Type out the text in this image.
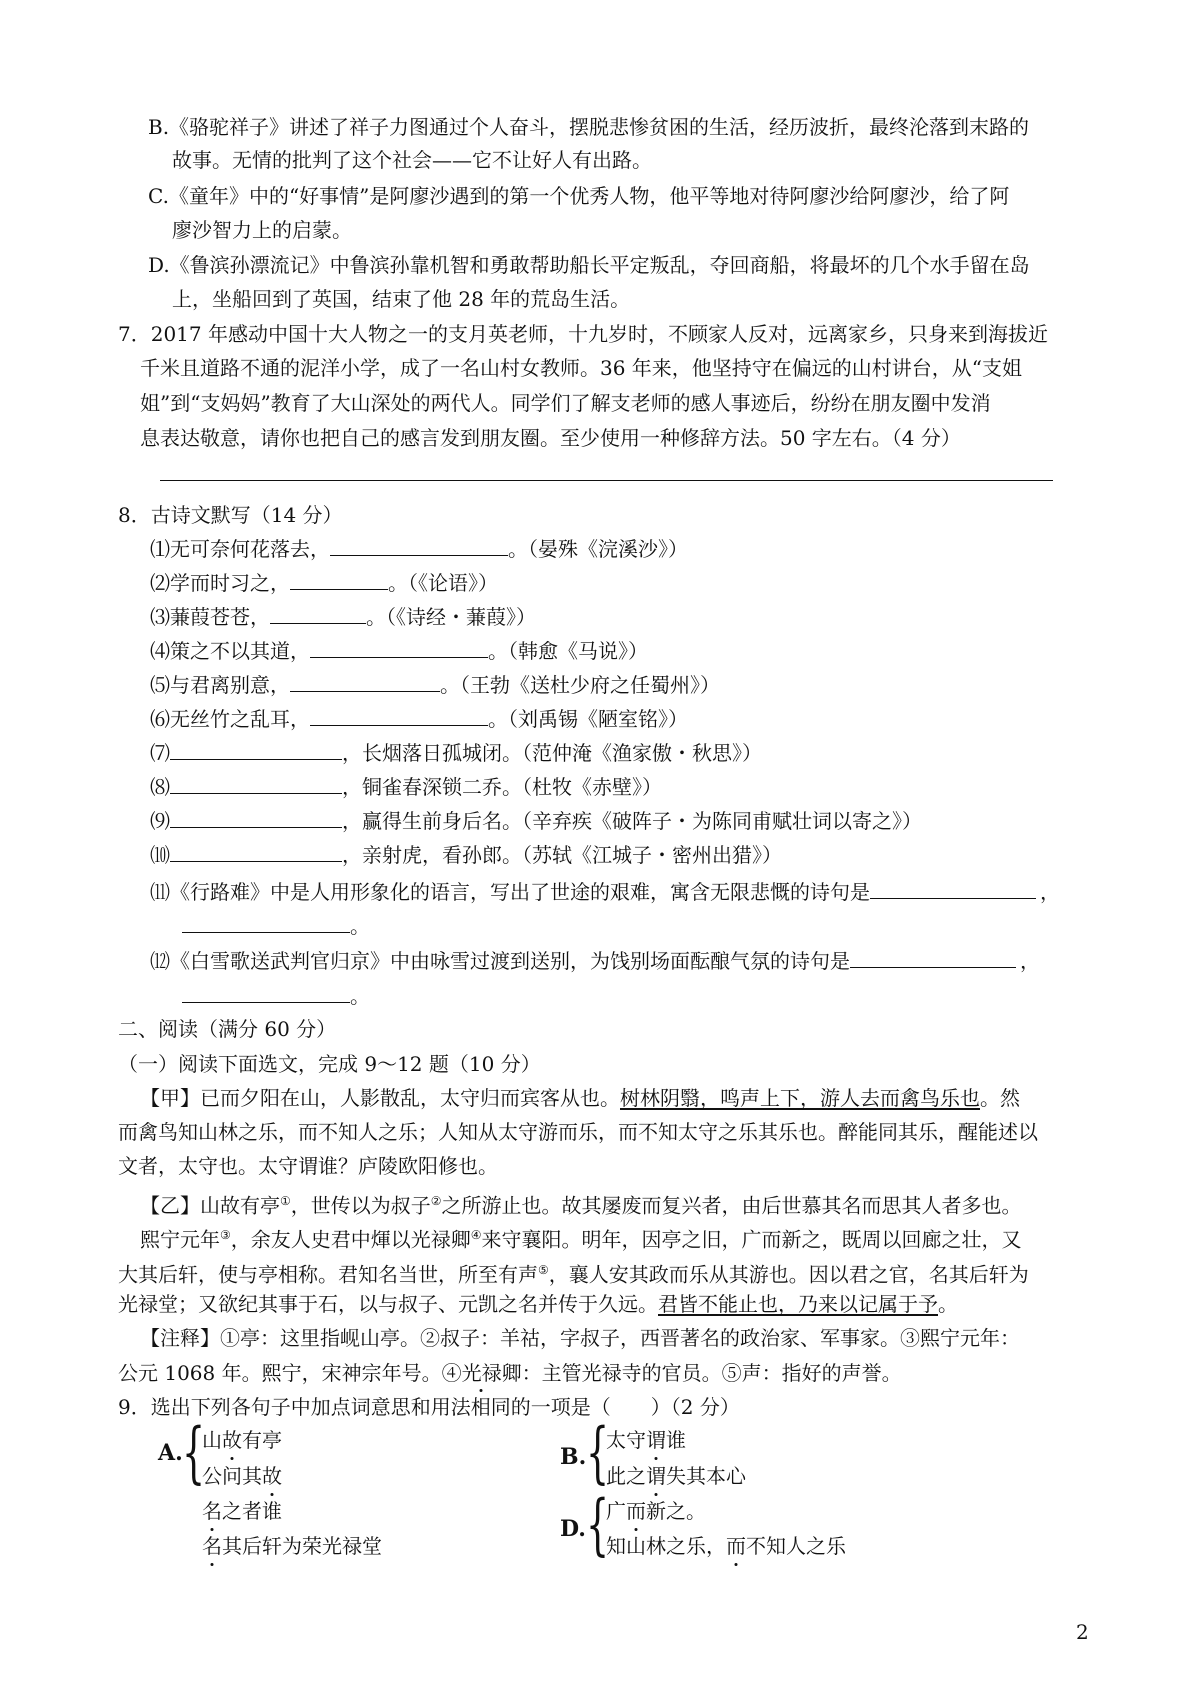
B.《骆驼祥子》讲述了祥子力图通过个人奋斗，摆脱悲惨贫困的生活，经历波折，最终沦落到末路的
故事。无情的批判了这个社会——它不让好人有出路。
C.《童年》中的“好事情”是阿廖沙遇到的第一个优秀人物，他平等地对待阿廖沙给阿廖沙，给了阿
廖沙智力上的启蒙。
D.《鲁滨孙漂流记》中鲁滨孙靠机智和勇敢帮助船长平定叛乱，夺回商船，将最坏的几个水手留在岛
上，坐船回到了英国，结束了他 28 年的荒岛生活。
7．2017 年感动中国十大人物之一的支月英老师，十九岁时，不顾家人反对，远离家乡，只身来到海拔近
千米且道路不通的泥洋小学，成了一名山村女教师。36 年来，他坚持守在偏远的山村讲台，从“支姐
姐”到“支妈妈”教育了大山深处的两代人。同学们了解支老师的感人事迹后，纷纷在朋友圈中发消
息表达敬意，请你也把自己的感言发到朋友圈。至少使用一种修辞方法。50 字左右。（4 分）
8．古诗文默写（14 分）
⑴无可奈何花落去，	。（晏殊《浣溪沙》）
⑵学而时习之，	。（《论语》）
⑶蒹葭苍苍，	。（《诗经・蒹葭》）
⑷策之不以其道，	。（韩愈《马说》）
⑸与君离别意，	。（王勃《送杜少府之任蜀州》）
⑹无丝竹之乱耳，	。（刘禹锡《陋室铭》）
⑺	，长烟落日孤城闭。（范仲淹《渔家傲・秋思》）
⑻	，铜雀春深锁二乔。（杜牧《赤壁》）
⑼	，赢得生前身后名。（辛弃疾《破阵子・为陈同甫赋壮词以寄之》）
⑽	，亲射虎，看孙郎。（苏轼《江城子・密州出猎》）
⑾《行路难》中是人用形象化的语言，写出了世途的艰难，寓含无限悲慨的诗句是	，
。
⑿《白雪歌送武判官归京》中由咏雪过渡到送别，为饯别场面酝酿气氛的诗句是	，
。
二、阅读（满分 60 分）
（一）阅读下面选文，完成 9～12 题（10 分）
【甲】已而夕阳在山，人影散乱，太守归而宾客从也。树林阴翳，鸣声上下，游人去而禽鸟乐也。然
而禽鸟知山林之乐，而不知人之乐；人知从太守游而乐，而不知太守之乐其乐也。醉能同其乐，醒能述以
文者，太守也。太守谓谁？庐陵欧阳修也。
【乙】山故有亭①，世传以为叔子②之所游止也。故其屡废而复兴者，由后世慕其名而思其人者多也。
熙宁元年③，余友人史君中煇以光禄卿④来守襄阳。明年，因亭之旧，广而新之，既周以回廊之壮，又
大其后轩，使与亭相称。君知名当世，所至有声⑤，襄人安其政而乐从其游也。因以君之官，名其后轩为
光禄堂；又欲纪其事于石，以与叔子、元凯之名并传于久远。君皆不能止也，乃来以记属于予。
【注释】①亭：这里指岘山亭。②叔子：羊祜，字叔子，西晋著名的政治家、军事家。③熙宁元年：
公元 1068 年。熙宁，宋神宗年号。④光禄卿：主管光禄寺的官员。⑤声：指好的声誉。
9．选出下列各句子中加点词意思和用法相同的一项是（　　）（2 分）
A. {
山故有亭
公问其故
名之者谁
名其后轩为荣光禄堂
B. {
太守谓谁
此之谓失其本心
D. {
广而新之。
知山林之乐，而不知人之乐
2
